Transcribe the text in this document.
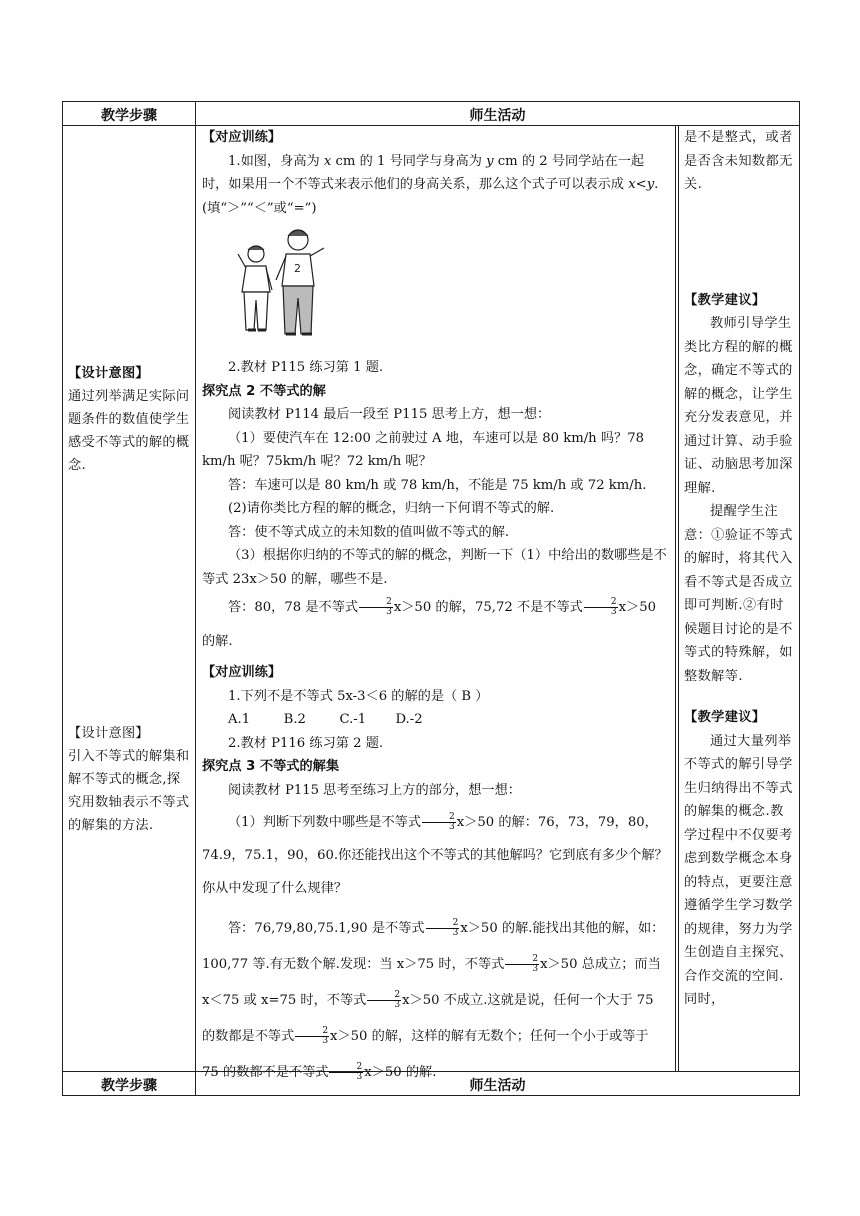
教学步骤	师生活动
教学步骤	师生活动
【设计意图】
通过列举满足实际问题条件的数值使学生感受不等式的解的概念.
【设计意图】
引入不等式的解集和解不等式的概念,探究用数轴表示不等式的解集的方法.

【对应训练】

1.如图，身高为 x cm 的 1 号同学与身高为 y cm 的 2 号同学站在一起时，如果用一个不等式来表示他们的身高关系，那么这个式子可以表示成 x<y.(填“＞”“＜”或“=”)

2

2.教材 P115 练习第 1 题.

探究点 2 不等式的解

阅读教材 P114 最后一段至 P115 思考上方，想一想：

（1）要使汽车在 12:00 之前驶过 A 地，车速可以是 80 km/h 吗？78 km/h 呢？75km/h 呢？72 km/h 呢？

答：车速可以是 80 km/h 或 78 km/h，不能是 75 km/h 或 72 km/h.

(2)请你类比方程的解的概念，归纳一下何谓不等式的解.

答：使不等式成立的未知数的值叫做不等式的解.

（3）根据你归纳的不等式的解的概念，判断一下（1）中给出的数哪些是不等式 23x＞50 的解，哪些不是.

答：80，78 是不等式 $\frac{2}{3} x>50$ 的解，75,72 不是不等式 $\frac{2}{3} x>50$ 的解.

【对应训练】

1.下列不是不等式 5x-3＜6 的解的是（ B ）

A.1        B.2        C.-1       D.-2

2.教材 P116 练习第 2 题.

探究点 3 不等式的解集

阅读教材 P115 思考至练习上方的部分，想一想：

（1）判断下列数中哪些是不等式 $\frac{2}{3} x>50$ 的解：76，73，79，80，74.9，75.1，90，60.你还能找出这个不等式的其他解吗？它到底有多少个解？你从中发现了什么规律？

答：76,79,80,75.1,90 是不等式 $\frac{2}{3} x>50$ 的解.能找出其他的解，如：100,77 等.有无数个解.发现：当 x＞75 时，不等式 $\frac{2}{3} x>50$ 总成立；而当 x＜75 或 x=75 时，不等式 $\frac{2}{3} x>50$ 不成立.这就是说，任何一个大于 75 的数都是不等式 $\frac{2}{3} x>50$ 的解，这样的解有无数个；任何一个小于或等于 75 的数都不是不等式 $\frac{2}{3} x>50$ 的解.

是不是整式，或者是否含未知数都无关.

【教学建议】

教师引导学生类比方程的解的概念，确定不等式的解的概念，让学生充分发表意见，并通过计算、动手验证、动脑思考加深理解.

提醒学生注意：①验证不等式的解时，将其代入看不等式是否成立即可判断.②有时候题目讨论的是不等式的特殊解，如整数解等.

【教学建议】

通过大量列举不等式的解引导学生归纳得出不等式的解集的概念.教学过程中不仅要考虑到数学概念本身的特点，更要注意遵循学生学习数学的规律，努力为学生创造自主探究、合作交流的空间.同时，
